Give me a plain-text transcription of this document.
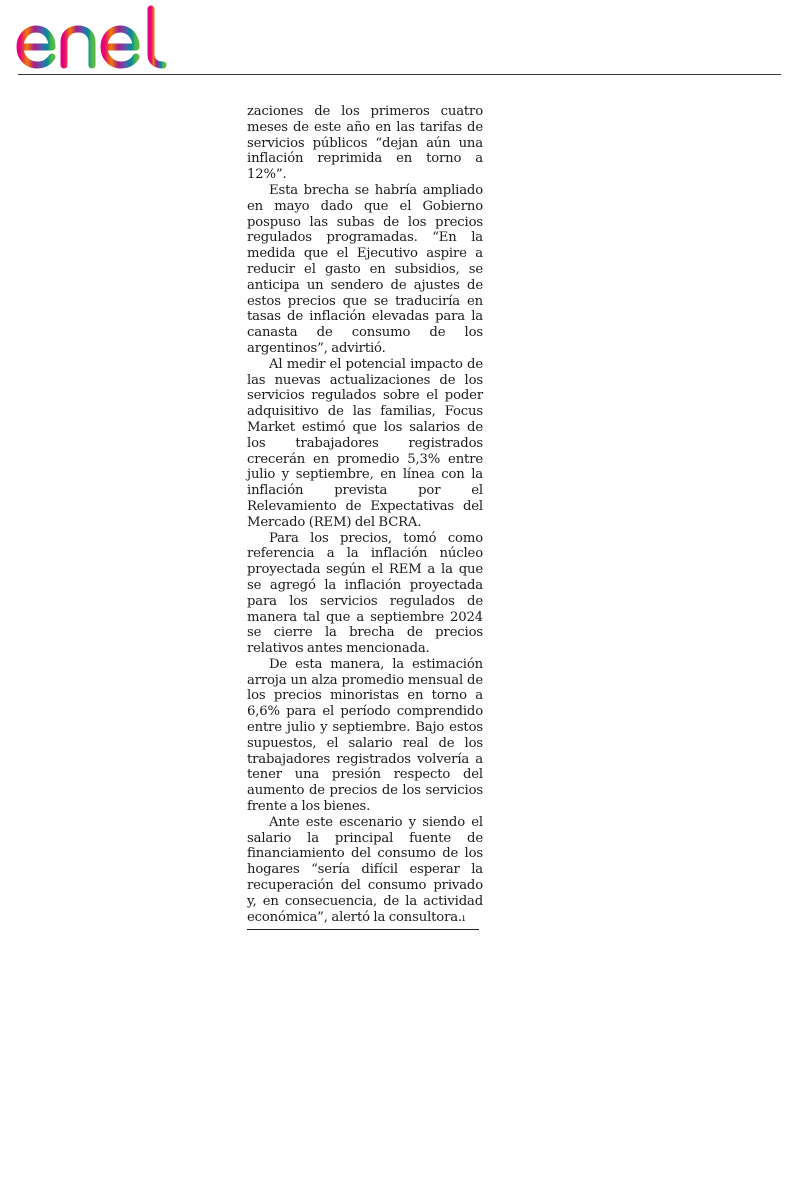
zaciones de los primeros cuatro meses de este año en las tarifas de servicios públicos “dejan aún una inflación reprimida en torno a 12%”.

Esta brecha se habría ampliado en mayo dado que el Gobierno pospuso las subas de los precios regulados programadas. “En la medida que el Ejecutivo aspire a reducir el gasto en subsidios, se anticipa un sendero de ajustes de estos precios que se traduciría en tasas de inflación elevadas para la canasta de consumo de los argentinos”, advirtió.

Al medir el potencial impacto de las nuevas actualizaciones de los servicios regulados sobre el poder adquisitivo de las familias, Focus Market estimó que los salarios de los trabajadores registrados crecerán en promedio 5,3% entre julio y septiembre, en línea con la inflación prevista por el Relevamiento de Expectativas del Mercado (REM) del BCRA.

Para los precios, tomó como referencia a la inflación núcleo proyectada según el REM a la que se agregó la inflación proyectada para los servicios regulados de manera tal que a septiembre 2024 se cierre la brecha de precios relativos antes mencionada.

De esta manera, la estimación arroja un alza promedio mensual de los precios minoristas en torno a 6,6% para el período comprendido entre julio y septiembre. Bajo estos supuestos, el salario real de los trabajadores registrados volvería a tener una presión respecto del aumento de precios de los servicios frente a los bienes.

Ante este escenario y siendo el salario la principal fuente de financiamiento del consumo de los hogares “sería difícil esperar la recuperación del consumo privado y, en consecuencia, de la actividad económica”, alertó la consultora.ı
